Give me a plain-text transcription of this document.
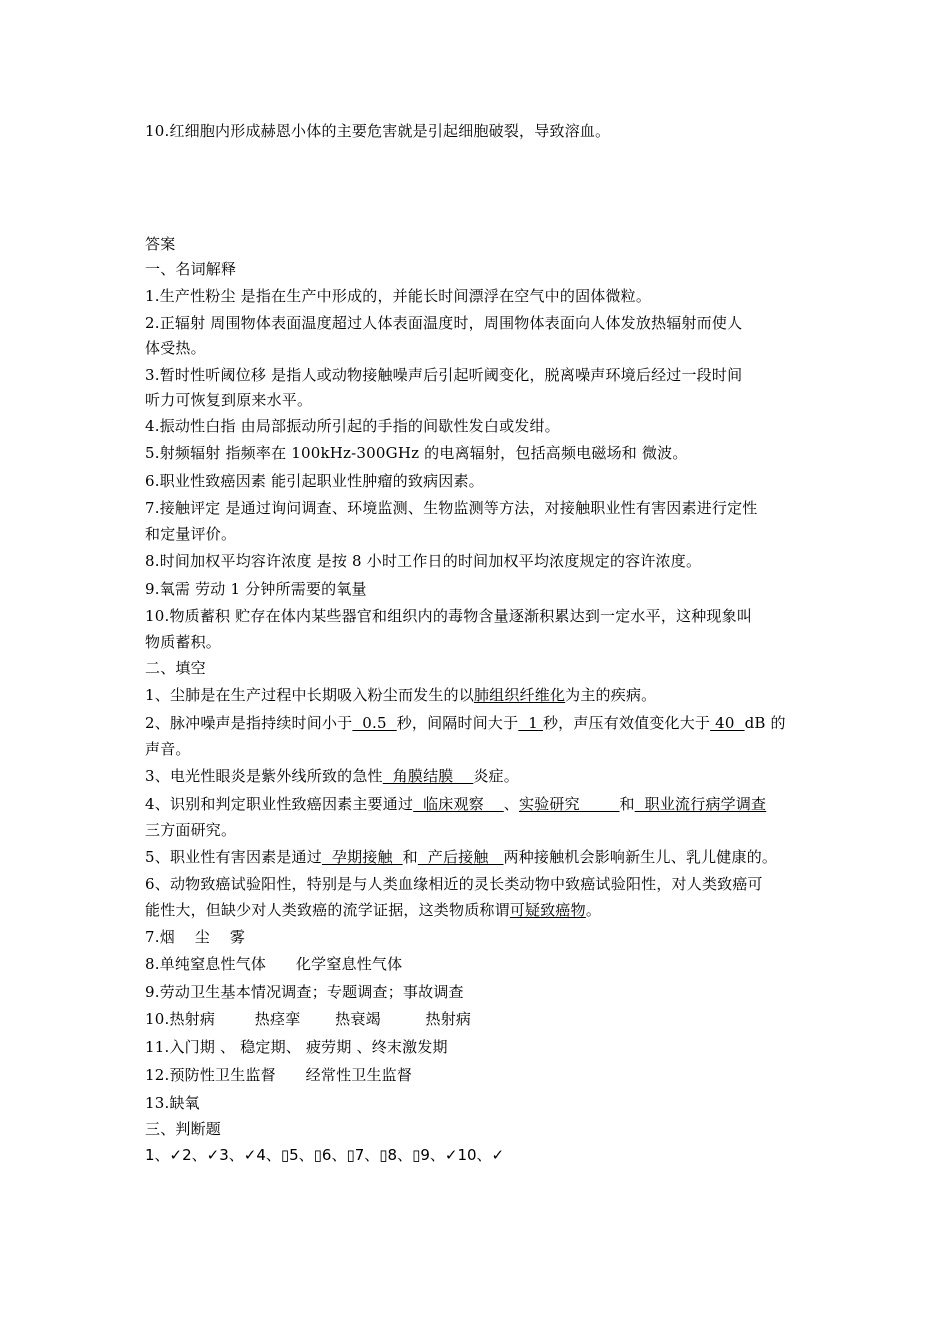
10.红细胞内形成赫恩小体的主要危害就是引起细胞破裂，导致溶血。
答案
一、名词解释
1.生产性粉尘 是指在生产中形成的，并能长时间漂浮在空气中的固体微粒。
2.正辐射 周围物体表面温度超过人体表面温度时，周围物体表面向人体发放热辐射而使人
体受热。
3.暂时性听阈位移 是指人或动物接触噪声后引起听阈变化，脱离噪声环境后经过一段时间
听力可恢复到原来水平。
4.振动性白指 由局部振动所引起的手指的间歇性发白或发绀。
5.射频辐射 指频率在 100kHz-300GHz 的电离辐射，包括高频电磁场和 微波。
6.职业性致癌因素 能引起职业性肿瘤的致病因素。
7.接触评定 是通过询问调查、环境监测、生物监测等方法，对接触职业性有害因素进行定性
和定量评价。
8.时间加权平均容许浓度 是按 8 小时工作日的时间加权平均浓度规定的容许浓度。
9.氧需 劳动 1 分钟所需要的氧量
10.物质蓄积 贮存在体内某些器官和组织内的毒物含量逐渐积累达到一定水平，这种现象叫
物质蓄积。
二、填空
1、尘肺是在生产过程中长期吸入粉尘而发生的以肺组织纤维化为主的疾病。
2、脉冲噪声是指持续时间小于  0.5  秒，间隔时间大于  1 秒，声压有效值变化大于 40  dB 的
声音。
3、电光性眼炎是紫外线所致的急性  角膜结膜    炎症。
4、识别和判定职业性致癌因素主要通过  临床观察    、实验研究        和  职业流行病学调查
三方面研究。
5、职业性有害因素是通过  孕期接触  和  产后接触   两种接触机会影响新生儿、乳儿健康的。
6、动物致癌试验阳性，特别是与人类血缘相近的灵长类动物中致癌试验阳性，对人类致癌可
能性大，但缺少对人类致癌的流学证据，这类物质称谓可疑致癌物。
7.烟    尘    雾
8.单纯窒息性气体      化学窒息性气体
9.劳动卫生基本情况调查；专题调查；事故调查
10.热射病        热痉挛       热衰竭         热射病
11.入门期 、 稳定期、 疲劳期 、终末激发期
12.预防性卫生监督      经常性卫生监督
13.缺氧
三、判断题
1、✓2、✓3、✓4、▯5、▯6、▯7、▯8、▯9、✓10、✓
